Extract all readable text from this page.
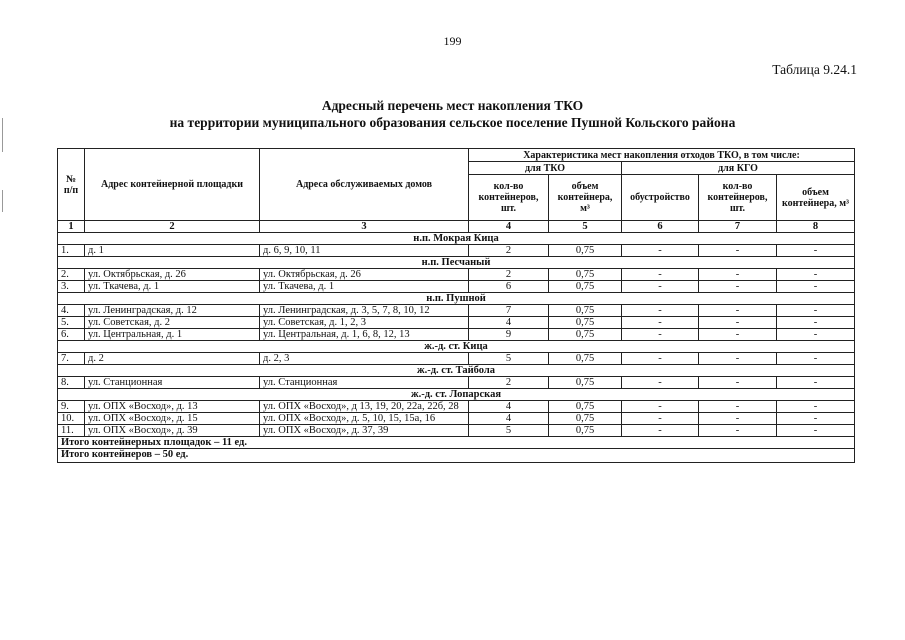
199
Таблица 9.24.1
Адресный перечень мест накопления ТКО
на территории муниципального образования сельское поселение Пушной Кольского района
№ п/п	Адрес контейнерной площадки	Адреса обслуживаемых домов	Характеристика мест накопления отходов ТКО, в том числе:				
			для ТКО		для КГО		
			кол-во контейнеров, шт.	объем контейнера, м³	обустройство	кол-во контейнеров, шт.	объем контейнера, м³
1	2	3	4	5	6	7	8
н.п. Мокрая Кица							
1.	д. 1	д. 6, 9, 10, 11	2	0,75	-	-	-
н.п. Песчаный							
2.	ул. Октябрьская, д. 26	ул. Октябрьская, д. 26	2	0,75	-	-	-
3.	ул. Ткачева, д. 1	ул. Ткачева, д. 1	6	0,75	-	-	-
н.п. Пушной							
4.	ул. Ленинградская, д. 12	ул. Ленинградская, д. 3, 5, 7, 8, 10, 12	7	0,75	-	-	-
5.	ул. Советская, д. 2	ул. Советская, д. 1, 2, 3	4	0,75	-	-	-
6.	ул. Центральная, д. 1	ул. Центральная, д. 1, 6, 8, 12, 13	9	0,75	-	-	-
ж.-д. ст. Кица							
7.	д. 2	д. 2, 3	5	0,75	-	-	-
ж.-д. ст. Тайбола							
8.	ул. Станционная	ул. Станционная	2	0,75	-	-	-
ж.-д. ст. Лопарская							
9.	ул. ОПХ «Восход», д. 13	ул. ОПХ «Восход», д 13, 19, 20, 22а, 22б, 28	4	0,75	-	-	-
10.	ул. ОПХ «Восход», д. 15	ул. ОПХ «Восход», д. 5, 10, 15, 15а, 16	4	0,75	-	-	-
11.	ул. ОПХ «Восход», д. 39	ул. ОПХ «Восход», д. 37, 39	5	0,75	-	-	-
Итого контейнерных площадок – 11 ед.							
Итого контейнеров – 50 ед.							
